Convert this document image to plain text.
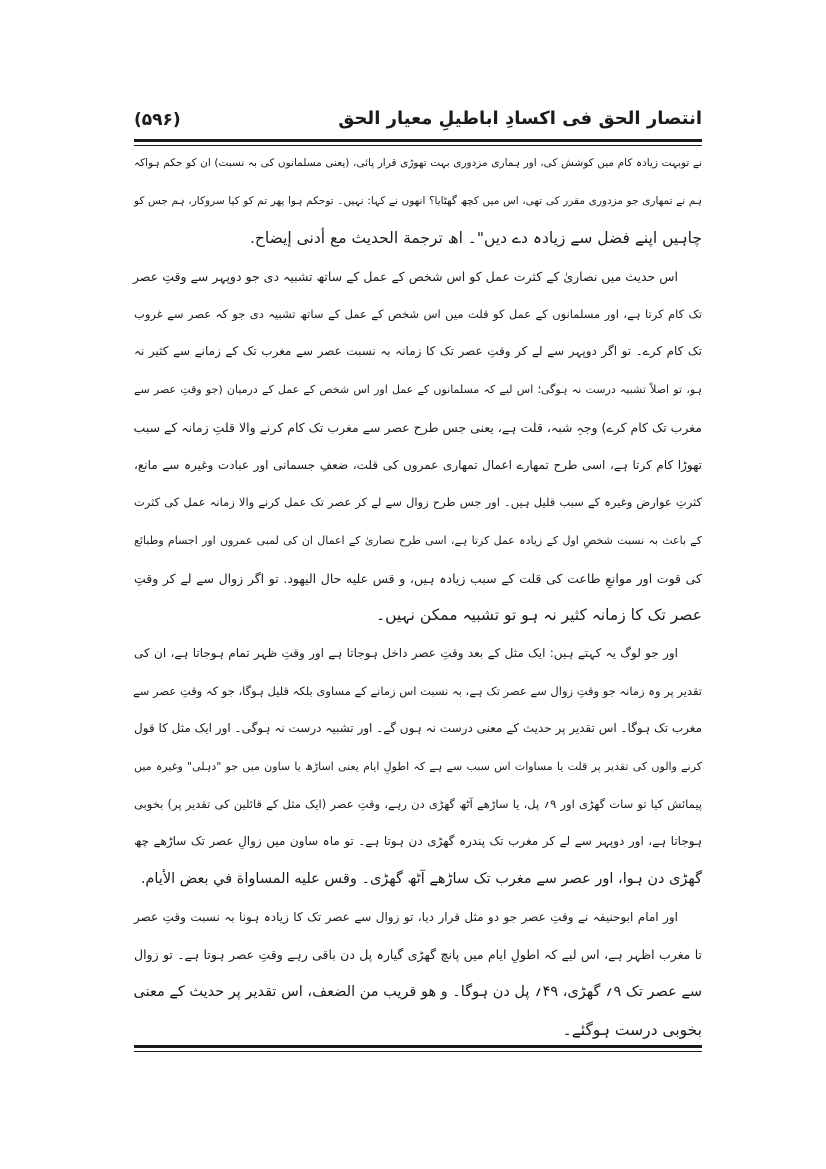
انتصار الحق فی اکسادِ اباطیلِ معیار الحق
(۵۹۶)
نے توبہت زیادہ کام میں کوشش کی، اور ہماری مزدوری بہت تھوڑی قرار پائی، (یعنی مسلمانوں کی بہ نسبت) ان کو حکم ہواکہ
ہم نے تمھاری جو مزدوری مقرر کی تھی، اس میں کچھ گھٹایا؟ انھوں نے کہا: نہیں۔ توحکم ہوا پھر تم کو کیا سروکار، ہم جس کو
چاہیں اپنے فضل سے زیادہ دے دیں"۔ اھ ترجمة الحديث مع أدنى إيضاح.
اس حدیث میں نصاریٰ کے کثرت عمل کو اس شخص کے عمل کے ساتھ تشبیہ دی جو دوپہر سے وقتِ عصر
تک کام کرتا ہے، اور مسلمانوں کے عمل کو قلت میں اس شخص کے عمل کے ساتھ تشبیہ دی جو کہ عصر سے غروب
تک کام کرے۔ تو اگر دوپہر سے لے کر وقتِ عصر تک کا زمانہ بہ نسبت عصر سے مغرب تک کے زمانے سے کثیر نہ
ہو، تو اصلاً تشبیہ درست نہ ہوگی؛ اس لیے کہ مسلمانوں کے عمل اور اس شخص کے عمل کے درمیان (جو وقتِ عصر سے
مغرب تک کام کرے) وجہِ شبہ، قلت ہے، یعنی جس طرح عصر سے مغرب تک کام کرنے والا قلتِ زمانہ کے سبب
تھوڑا کام کرتا ہے، اسی طرح تمھارے اعمال تمھاری عمروں کی قلت، ضعفِ جسمانی اور عبادت وغیرہ سے مانع،
کثرتِ عوارض وغیرہ کے سبب قلیل ہیں۔ اور جس طرح زوال سے لے کر عصر تک عمل کرنے والا زمانہ عمل کی کثرت
کے باعث بہ نسبت شخصِ اول کے زیادہ عمل کرتا ہے، اسی طرح نصاریٰ کے اعمال ان کی لمبی عمروں اور اجسام وطبائع
کی قوت اور موانعِ طاعت کی قلت کے سبب زیادہ ہیں، و قس عليه حال اليهود. تو اگر زوال سے لے کر وقتِ
عصر تک کا زمانہ کثیر نہ ہو تو تشبیہ ممکن نہیں۔
اور جو لوگ یہ کہتے ہیں: ایک مثل کے بعد وقتِ عصر داخل ہوجاتا ہے اور وقتِ ظہر تمام ہوجاتا ہے، ان کی
تقدیر پر وہ زمانہ جو وقتِ زوال سے عصر تک ہے، بہ نسبت اس زمانے کے مساوی بلکہ قلیل ہوگا، جو کہ وقتِ عصر سے
مغرب تک ہوگا۔ اس تقدیر پر حدیث کے معنی درست نہ ہوں گے۔ اور تشبیہ درست نہ ہوگی۔ اور ایک مثل کا قول
کرنے والوں کی تقدیر پر قلت یا مساوات اس سبب سے ہے کہ اطولِ ایام یعنی اساڑھ یا ساون میں جو "دہلی" وغیرہ میں
پیمائش کیا تو سات گھڑی اور ۹؍ پل، یا ساڑھے آٹھ گھڑی دن رہے، وقتِ عصر (ایک مثل کے قائلین کی تقدیر پر) بخوبی
ہوجاتا ہے، اور دوپہر سے لے کر مغرب تک پندرہ گھڑی دن ہوتا ہے۔ تو ماہ ساون میں زوالِ عصر تک ساڑھے چھ
گھڑی دن ہوا، اور عصر سے مغرب تک ساڑھے آٹھ گھڑی۔ وقس عليه المساواة في بعض الأيام.
اور امام ابوحنیفہ نے وقتِ عصر جو دو مثل قرار دیا، تو زوال سے عصر تک کا زیادہ ہونا بہ نسبت وقتِ عصر
تا مغرب اظہر ہے، اس لیے کہ اطولِ ایام میں پانچ گھڑی گیارہ پل دن باقی رہے وقتِ عصر ہوتا ہے۔ تو زوال
سے عصر تک ۹؍ گھڑی، ۴۹؍ پل دن ہوگا۔ و هو قريب من الضعف، اس تقدیر پر حدیث کے معنی
بخوبی درست ہوگئے۔
